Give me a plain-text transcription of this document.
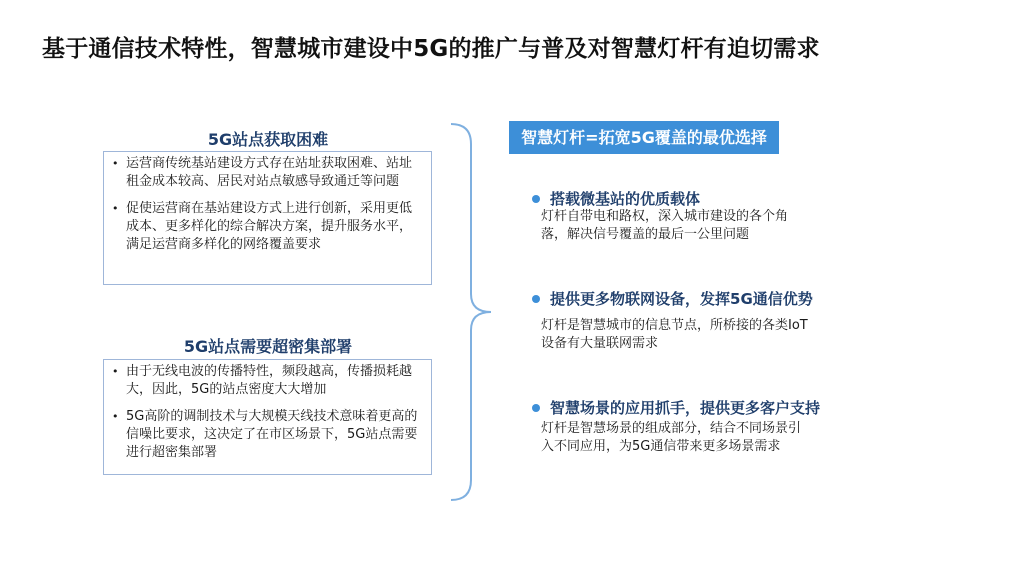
基于通信技术特性，智慧城市建设中5G的推广与普及对智慧灯杆有迫切需求
5G站点获取困难
• 运营商传统基站建设方式存在站址获取困难、站址租金成本较高、居民对站点敏感导致通迁等问题
• 促使运营商在基站建设方式上进行创新，采用更低成本、更多样化的综合解决方案，提升服务水平，满足运营商多样化的网络覆盖要求
5G站点需要超密集部署
• 由于无线电波的传播特性，频段越高，传播损耗越大，因此，5G的站点密度大大增加
• 5G高阶的调制技术与大规模天线技术意味着更高的信噪比要求，这决定了在市区场景下，5G站点需要进行超密集部署
智慧灯杆=拓宽5G覆盖的最优选择
搭载微基站的优质载体
灯杆自带电和路权，深入城市建设的各个角落，解决信号覆盖的最后一公里问题
提供更多物联网设备，发挥5G通信优势
灯杆是智慧城市的信息节点，所桥接的各类IoT设备有大量联网需求
智慧场景的应用抓手，提供更多客户支持
灯杆是智慧场景的组成部分，结合不同场景引入不同应用，为5G通信带来更多场景需求
